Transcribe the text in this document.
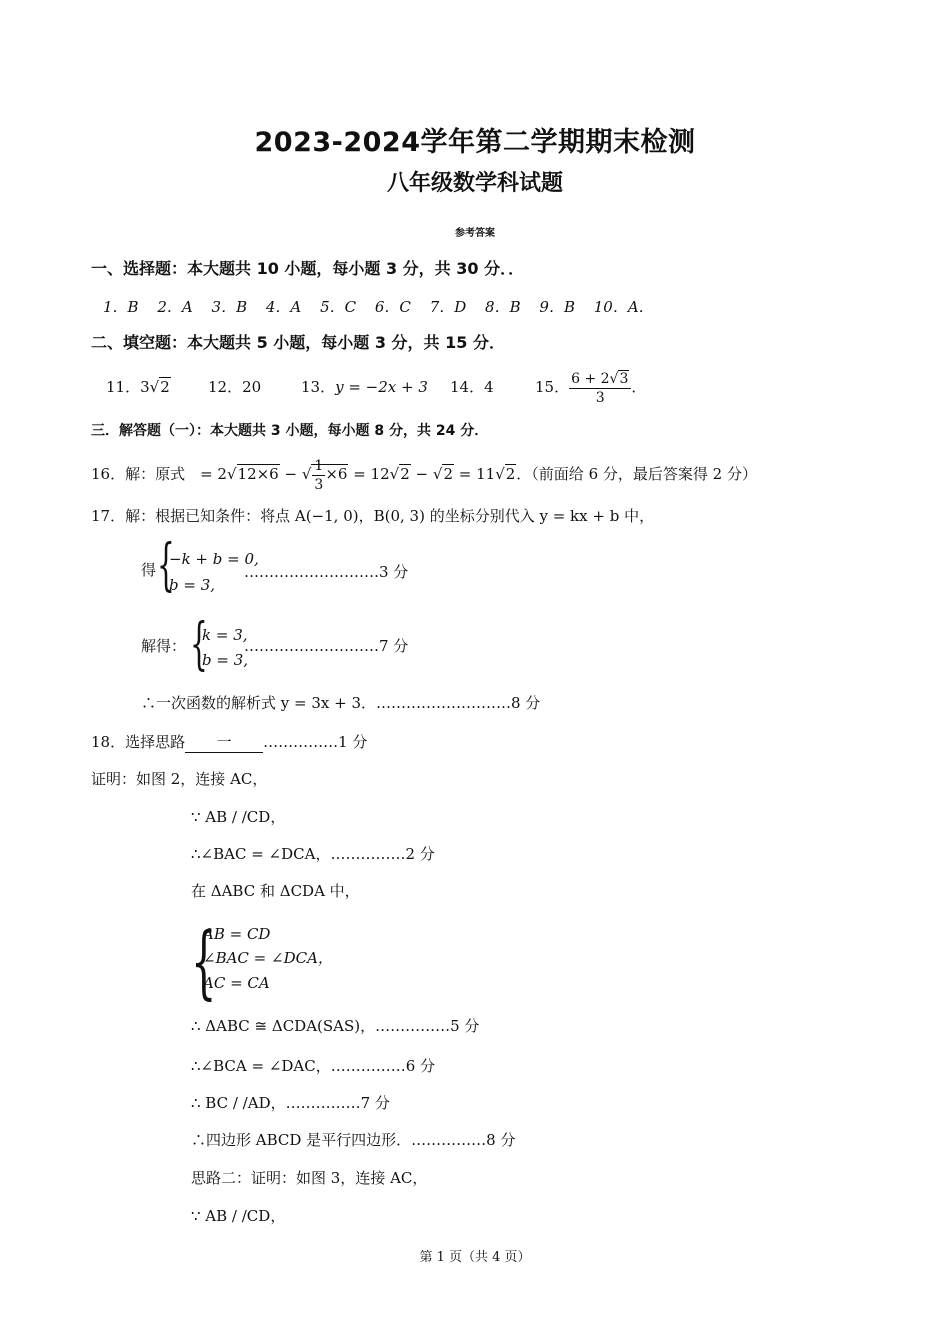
2023-2024学年第二学期期末检测
八年级数学科试题
参考答案
一、选择题：本大题共 10 小题，每小题 3 分，共 30 分．．
1．B 2．A 3．B 4．A 5．C 6．C 7．D 8．B 9．B 10．A．
二、填空题：本大题共 5 小题，每小题 3 分，共 15 分．
11．3√2	12．20	13．y = −2x + 3 14．4	15． $\frac{6 + 2√3}{3}$ ．
三．解答题（一）：本大题共 3 小题，每小题 8 分，共 24 分．
16．解：原式　= 2√12×6 − √ $\frac{1}{3} \times 6 = 12√2 - √2 = 11√2$．（前面给 6 分，最后答案得 2 分）
17．解：根据已知条件：将点 A(−1, 0)，B(0, 3) 的坐标分别代入 y = kx + b 中，
得 {
−k + b = 0,
b = 3,
………………………3 分
解得： {
k = 3,
b = 3,
………………………7 分
∴一次函数的解析式 y = 3x + 3．………………………8 分
18．选择思路 一 ……………1 分
证明：如图 2，连接 AC，
∵ AB / /CD，
∴∠BAC = ∠DCA，……………2 分
在 ΔABC 和 ΔCDA 中，
{
AB = CD
∠BAC = ∠DCA，
AC = CA
∴ ΔABC ≅ ΔCDA(SAS)，……………5 分
∴∠BCA = ∠DAC，……………6 分
∴ BC / /AD，……………7 分
∴四边形 ABCD 是平行四边形．……………8 分
思路二：证明：如图 3，连接 AC，
∵ AB / /CD，
第 1 页（共 4 页）
